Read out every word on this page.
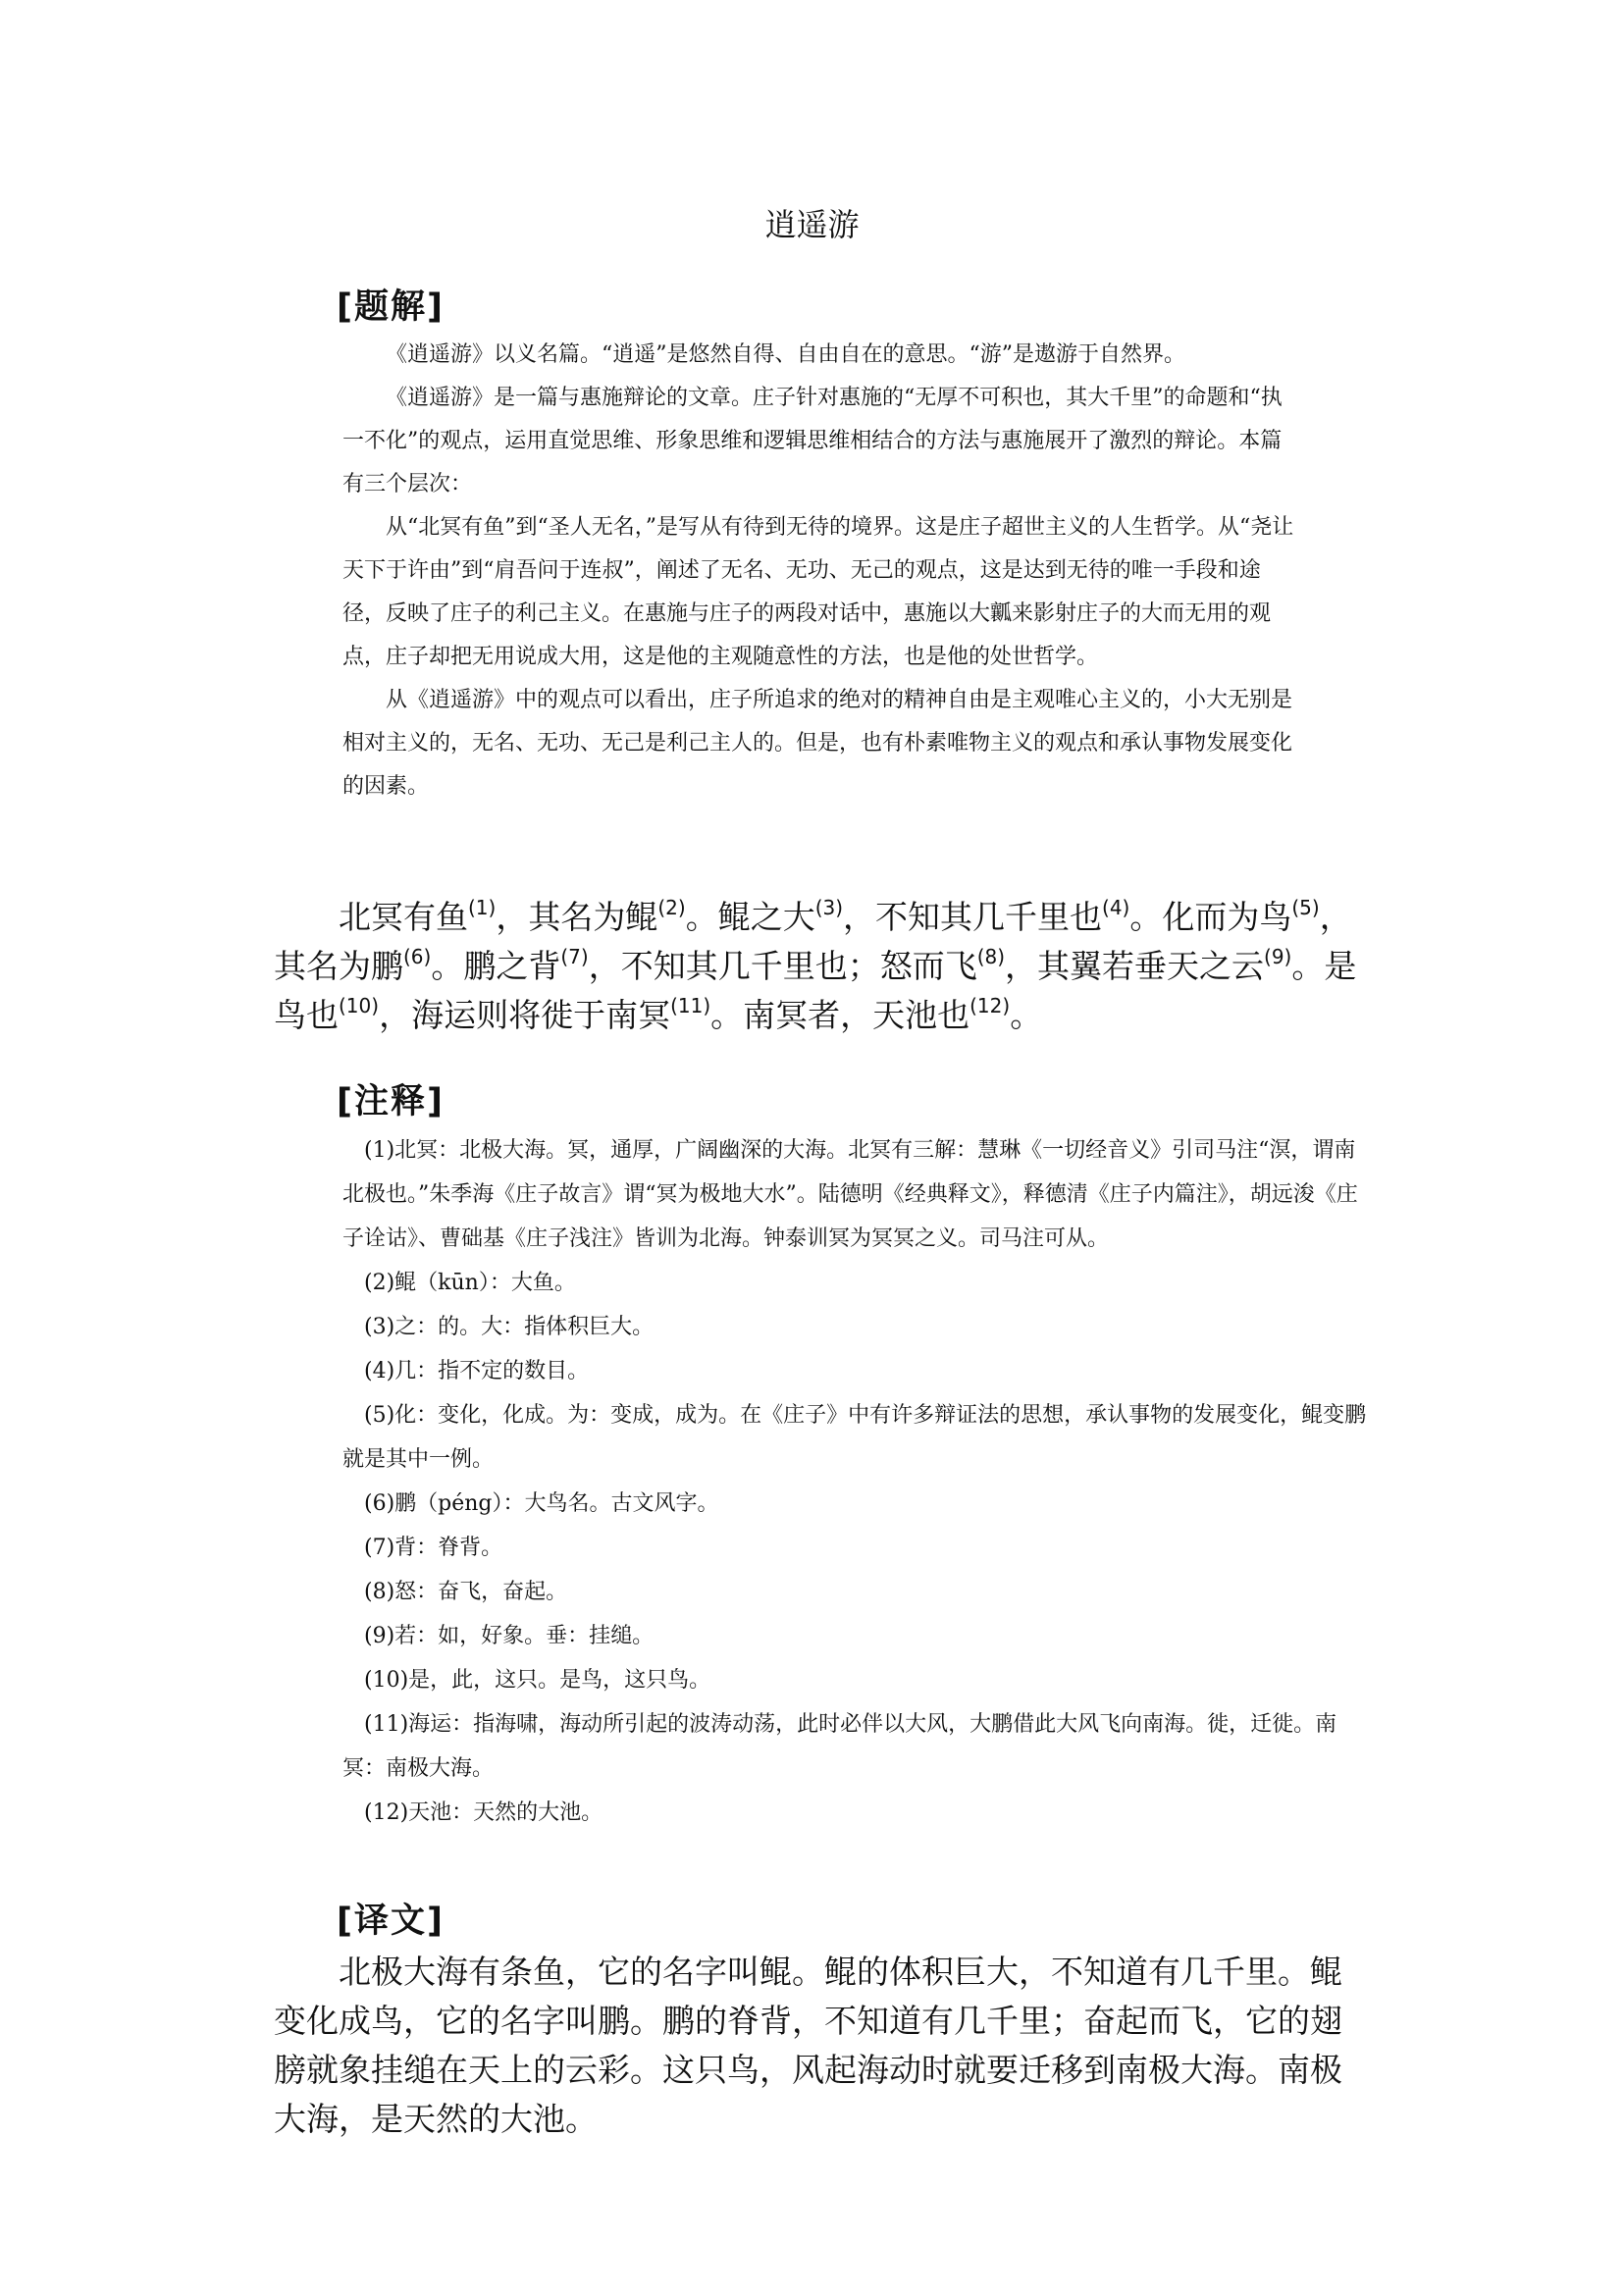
逍遥游
[题解]

《逍遥游》以义名篇。“逍遥”是悠然自得、自由自在的意思。“游”是遨游于自然界。

《逍遥游》是一篇与惠施辩论的文章。庄子针对惠施的“无厚不可积也，其大千里”的命题和“执一不化”的观点，运用直觉思维、形象思维和逻辑思维相结合的方法与惠施展开了激烈的辩论。本篇有三个层次：

从“北冥有鱼”到“圣人无名，”是写从有待到无待的境界。这是庄子超世主义的人生哲学。从“尧让天下于许由”到“肩吾问于连叔”，阐述了无名、无功、无己的观点，这是达到无待的唯一手段和途径，反映了庄子的利己主义。在惠施与庄子的两段对话中，惠施以大瓤来影射庄子的大而无用的观点，庄子却把无用说成大用，这是他的主观随意性的方法，也是他的处世哲学。

从《逍遥游》中的观点可以看出，庄子所追求的绝对的精神自由是主观唯心主义的，小大无别是相对主义的，无名、无功、无己是利己主人的。但是，也有朴素唯物主义的观点和承认事物发展变化的因素。

北冥有鱼$^{(1)}$，其名为鲲$^{(2)}$。鲲之大$^{(3)}$，不知其几千里也$^{(4)}$。化而为鸟$^{(5)}$，其名为鹏$^{(6)}$。鹏之背$^{(7)}$，不知其几千里也；怒而飞$^{(8)}$，其翼若垂天之云$^{(9)}$。是鸟也$^{(10)}$，海运则将徙于南冥$^{(11)}$。南冥者，天池也$^{(12)}$。

[注释]

(1)北冥：北极大海。冥，通厚，广阔幽深的大海。北冥有三解：慧琳《一切经音义》引司马注“溟，谓南北极也。”朱季海《庄子故言》谓“冥为极地大水”。陆德明《经典释文》，释德清《庄子内篇注》，胡远浚《庄子诠诂》、曹础基《庄子浅注》皆训为北海。钟泰训冥为冥冥之义。司马注可从。

(2)鲲（kūn）：大鱼。

(3)之：的。大：指体积巨大。

(4)几：指不定的数目。

(5)化：变化，化成。为：变成，成为。在《庄子》中有许多辩证法的思想，承认事物的发展变化，鲲变鹏就是其中一例。

(6)鹏（péng）：大鸟名。古文风字。

(7)背：脊背。

(8)怒：奋飞，奋起。

(9)若：如，好象。垂：挂缒。

(10)是，此，这只。是鸟，这只鸟。

(11)海运：指海啸，海动所引起的波涛动荡，此时必伴以大风，大鹏借此大风飞向南海。徙，迁徙。南冥：南极大海。

(12)天池：天然的大池。

[译文]

北极大海有条鱼，它的名字叫鲲。鲲的体积巨大，不知道有几千里。鲲变化成鸟，它的名字叫鹏。鹏的脊背，不知道有几千里；奋起而飞，它的翅膀就象挂缒在天上的云彩。这只鸟，风起海动时就要迁移到南极大海。南极大海，是天然的大池。
